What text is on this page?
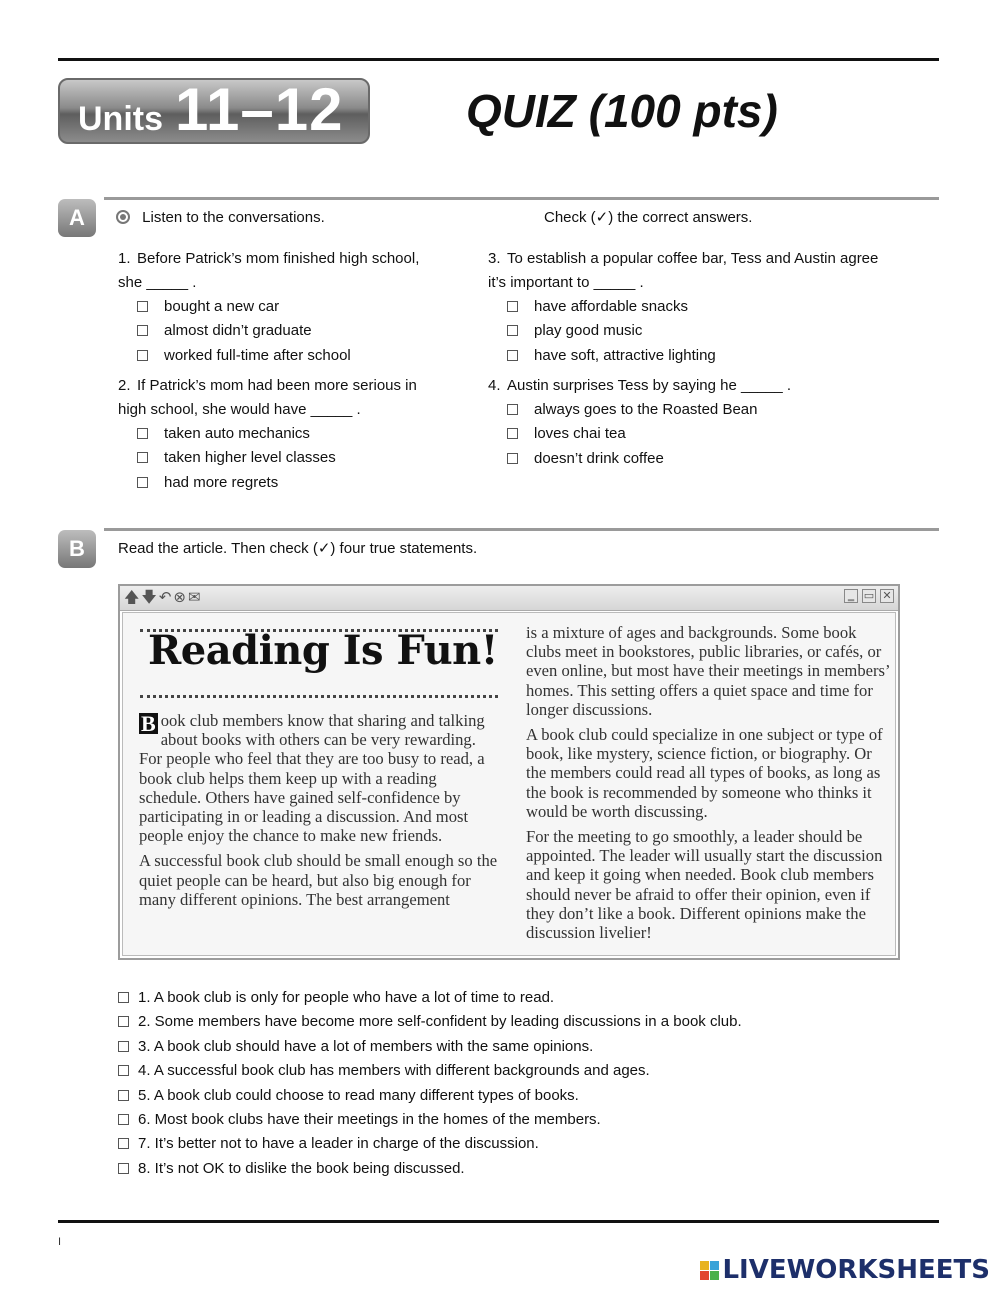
Units 11–12	QUIZ (100 pts)
A	Listen to the conversations.	Check (✓) the correct answers.
1. Before Patrick’s mom finished high school,
she _____ .
bought a new car
almost didn’t graduate
worked full-time after school
2. If Patrick’s mom had been more serious in
high school, she would have _____ .
taken auto mechanics
taken higher level classes
had more regrets
3. To establish a popular coffee bar, Tess and Austin agree
it’s important to _____ .
have affordable snacks
play good music
have soft, attractive lighting
4. Austin surprises Tess by saying he _____ .
always goes to the Roasted Bean
loves chai tea
doesn’t drink coffee
B	Read the article. Then check (✓) four true statements.
🡅🡇↶⊗✉	‗ ▭ ✕
Reading Is Fun!

B ook club members know that sharing and talking about books with others can be very rewarding. For people who feel that they are too busy to read, a book club helps them keep up with a reading schedule. Others have gained self-confidence by participating in or leading a discussion. And most people enjoy the chance to make new friends.

A successful book club should be small enough so the quiet people can be heard, but also big enough for many different opinions. The best arrangement

is a mixture of ages and backgrounds. Some book clubs meet in bookstores, public libraries, or cafés, or even online, but most have their meetings in members’ homes. This setting offers a quiet space and time for longer discussions.

A book club could specialize in one subject or type of book, like mystery, science fiction, or biography. Or the members could read all types of books, as long as the book is recommended by someone who thinks it would be worth discussing.

For the meeting to go smoothly, a leader should be appointed. The leader will usually start the discussion and keep it going when needed. Book club members should never be afraid to offer their opinion, even if they don’t like a book. Different opinions make the discussion livelier!

1. A book club is only for people who have a lot of time to read.
2. Some members have become more self-confident by leading discussions in a book club.
3. A book club should have a lot of members with the same opinions.
4. A successful book club has members with different backgrounds and ages.
5. A book club could choose to read many different types of books.
6. Most book clubs have their meetings in the homes of the members.
7. It’s better not to have a leader in charge of the discussion.
8. It’s not OK to dislike the book being discussed.
I
LIVEWORKSHEETS
